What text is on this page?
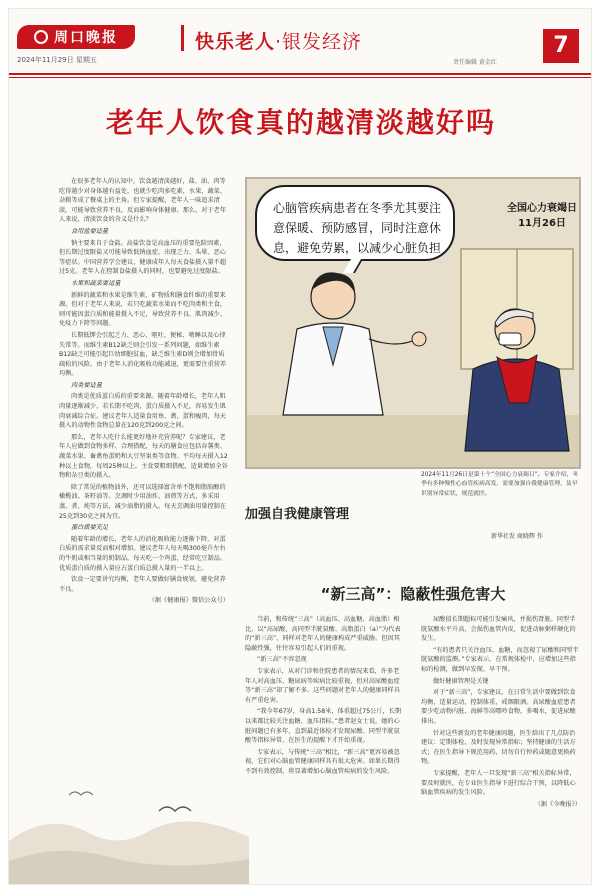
周口晚报
2024年11月29日 星期五
快乐老人·银发经济
责任编辑 黄金红
7
老年人饮食真的越清淡越好吗

在很多老年人的认知中，饮食越清淡越好，盐、油、肉等吃得越少对身体越有益处，也就少吃肉多吃素，水果、蔬菜、杂粮等成了餐桌上的主角。但专家提醒，老年人一味追求清淡，可能导致营养不良，反而影响身体健康。那么，对于老年人来说，清淡饮食的含义是什么？

食用盐要适量

钠主要来自于食盐。高盐饮食是高血压的重要危险因素，但长期过度限盐又可能导致低钠血症，出现乏力、头晕、恶心等症状。中国营养学会建议，健康成年人每天食盐摄入量不超过5克。老年人在控制食盐摄入的同时，也要避免过度限盐。

水果和蔬菜要适量

新鲜的蔬菜和水果是维生素、矿物质和膳食纤维的重要来源。但对于老年人来说，若只吃蔬菜水果而不吃肉类和主食，则可能因蛋白质和能量摄入不足，导致营养不良、肌肉减少、免疫力下降等问题。

长期低钾会引起乏力、恶心、呕吐、便秘、嗜睡以及心律失常等。而维生素B12缺乏则会引发一系列问题，如维生素B12缺乏可能引起巨幼细胞贫血，缺乏维生素D则会增加骨质疏松的风险。由于老年人消化吸收功能减退，更需要注重营养均衡。

肉类要适量

肉类是优质蛋白质的重要来源。随着年龄增长，老年人肌肉量逐渐减少，若长期不吃肉，蛋白质摄入不足，容易发生肌肉衰减综合征。建议老年人适量食用鱼、禽、蛋和瘦肉，每天摄入的动物性食物总量在120克到200克之间。

那么，老年人吃什么能更好地补充营养呢？专家建议，老年人应做到食物多样、合理搭配，每天的膳食应包括谷薯类、蔬菜水果、畜禽鱼蛋奶和大豆坚果类等食物。平均每天摄入12种以上食物，每周25种以上。主食要粗细搭配，适量增加全谷物和杂豆类的摄入。

除了常见的植物油外，还可以选择富含单不饱和脂肪酸的橄榄油、茶籽油等。烹调时少用油炸、油煎等方式，多采用蒸、煮、炖等方法，减少油脂的摄入。每天烹调油用量控制在25克到30克之间为宜。

蛋白质要充足

随着年龄的增长，老年人的消化吸收能力逐渐下降，对蛋白质的需求量反而相对增加。建议老年人每天喝300毫升左右的牛奶或相当量的奶制品，每天吃一个鸡蛋，经常吃豆制品。优质蛋白质的摄入量应占蛋白质总摄入量的一半以上。

饮食一定要讲究均衡，老年人要做好膳食规划，避免营养不良。

（据《健康报》微信公众号）

心脑管疾病患者在冬季尤其要注意保暖、预防感冒，同时注意休息，避免劳累，以减少心脏负担
全国心力衰竭日
11月26日
加强自我健康管理
2024年11月26日是第十个“全国心力衰竭日”。专家介绍，冬季有多种慢性心血管疾病高发，需要加强自我健康管理，及早识别异常症状，规范就医。
新华社发 商晓辉 作
“新三高”：隐蔽性强危害大

当前，和传统“三高”（高血压、高血糖、高血脂）相比，以“高尿酸、高同型半胱氨酸、高脂蛋白（a）”为代表的“新三高”，同样对老年人的健康构成严重威胁。但因其隐蔽性强，往往容易引起人们的重视。

“新三高”不容忽视

专家表示，从对门诊和住院患者的情况来看，许多老年人对高血压、糖尿病等疾病比较重视，但对高尿酸血症等“新三高”却了解不多。这些问题对老年人的健康同样具有严重危害。

“我今年67岁，身高1.58米，体重超过75公斤，长期以来都比较关注血糖、血压指标。”患者赵女士说，她的心脏问题已有多年，直到最近体检才发现尿酸、同型半胱氨酸等指标异常，在医生的提醒下才开始重视。

专家表示，与传统“三高”相比，“新三高”更容易被忽视，它们对心脑血管健康同样具有很大危害。如果长期得不到有效控制，将显著增加心脑血管疾病的发生风险。

尿酸值长期超标可能引发痛风，并损伤肾脏。同型半胱氨酸水平升高，会损伤血管内皮，促进动脉粥样硬化的发生。

“有的患者只关注血压、血糖，而忽视了尿酸和同型半胱氨酸的监测。”专家表示，在常规体检中，应增加这些指标的检测，做到早发现、早干预。

做好健康管理是关键

对于“新三高”，专家建议，在日常生活中要做到饮食均衡，适量运动，控制体重，戒烟限酒。高尿酸血症患者要少吃动物内脏、海鲜等高嘌呤食物，多喝水，促进尿酸排出。

针对这些新发的老年健康问题，医生给出了几点防治建议：定期体检，及时发现异常指标；坚持健康的生活方式；在医生指导下规范用药，切勿自行停药或随意更换药物。

专家提醒，老年人一旦发现“新三高”相关指标异常，要及时就医，在专业医生指导下进行综合干预，以降低心脑血管疾病的发生风险。

（据《今晚报》）
